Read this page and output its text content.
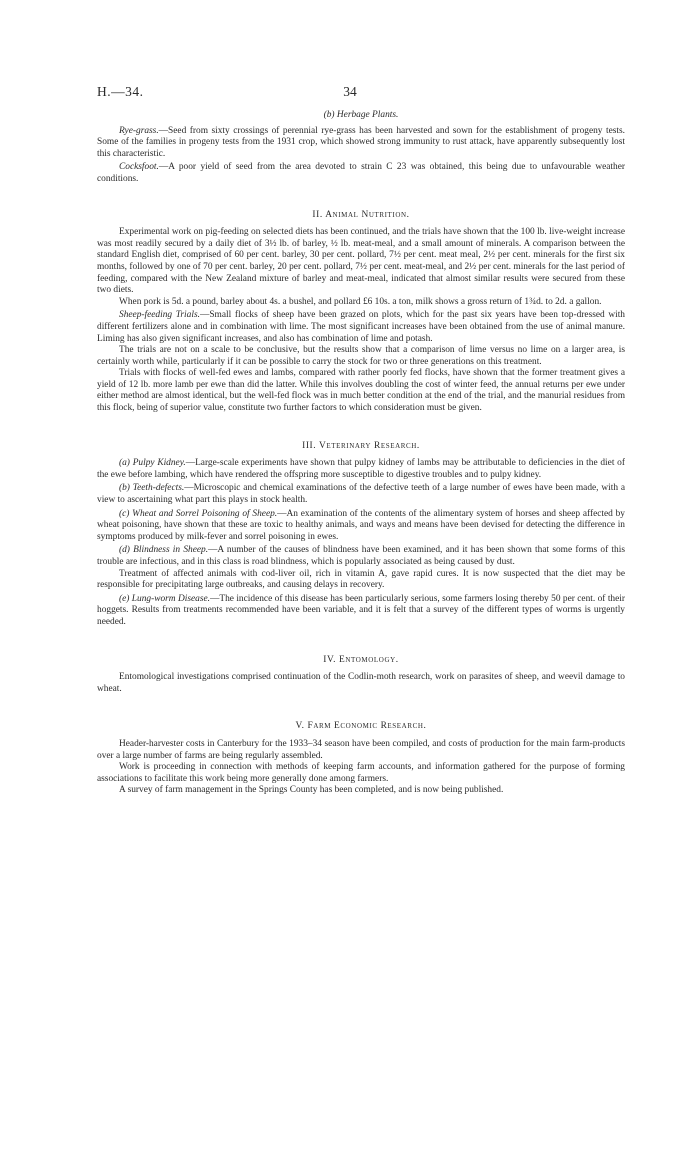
H.—34.	34
(b) Herbage Plants.

Rye-grass.—Seed from sixty crossings of perennial rye-grass has been harvested and sown for the establishment of progeny tests. Some of the families in progeny tests from the 1931 crop, which showed strong immunity to rust attack, have apparently subsequently lost this characteristic.

Cocksfoot.—A poor yield of seed from the area devoted to strain C 23 was obtained, this being due to unfavourable weather conditions.

II. Animal Nutrition.

Experimental work on pig-feeding on selected diets has been continued, and the trials have shown that the 100 lb. live-weight increase was most readily secured by a daily diet of 3½ lb. of barley, ½ lb. meat-meal, and a small amount of minerals. A comparison between the standard English diet, comprised of 60 per cent. barley, 30 per cent. pollard, 7½ per cent. meat meal, 2½ per cent. minerals for the first six months, followed by one of 70 per cent. barley, 20 per cent. pollard, 7½ per cent. meat-meal, and 2½ per cent. minerals for the last period of feeding, compared with the New Zealand mixture of barley and meat-meal, indicated that almost similar results were secured from these two diets.

When pork is 5d. a pound, barley about 4s. a bushel, and pollard £6 10s. a ton, milk shows a gross return of 1¾d. to 2d. a gallon.

Sheep-feeding Trials.—Small flocks of sheep have been grazed on plots, which for the past six years have been top-dressed with different fertilizers alone and in combination with lime. The most significant increases have been obtained from the use of animal manure. Liming has also given significant increases, and also has combination of lime and potash.

The trials are not on a scale to be conclusive, but the results show that a comparison of lime versus no lime on a larger area, is certainly worth while, particularly if it can be possible to carry the stock for two or three generations on this treatment.

Trials with flocks of well-fed ewes and lambs, compared with rather poorly fed flocks, have shown that the former treatment gives a yield of 12 lb. more lamb per ewe than did the latter. While this involves doubling the cost of winter feed, the annual returns per ewe under either method are almost identical, but the well-fed flock was in much better condition at the end of the trial, and the manurial residues from this flock, being of superior value, constitute two further factors to which consideration must be given.

III. Veterinary Research.

(a) Pulpy Kidney.—Large-scale experiments have shown that pulpy kidney of lambs may be attributable to deficiencies in the diet of the ewe before lambing, which have rendered the offspring more susceptible to digestive troubles and to pulpy kidney.

(b) Teeth-defects.—Microscopic and chemical examinations of the defective teeth of a large number of ewes have been made, with a view to ascertaining what part this plays in stock health.

(c) Wheat and Sorrel Poisoning of Sheep.—An examination of the contents of the alimentary system of horses and sheep affected by wheat poisoning, have shown that these are toxic to healthy animals, and ways and means have been devised for detecting the difference in symptoms produced by milk-fever and sorrel poisoning in ewes.

(d) Blindness in Sheep.—A number of the causes of blindness have been examined, and it has been shown that some forms of this trouble are infectious, and in this class is road blindness, which is popularly associated as being caused by dust.

Treatment of affected animals with cod-liver oil, rich in vitamin A, gave rapid cures. It is now suspected that the diet may be responsible for precipitating large outbreaks, and causing delays in recovery.

(e) Lung-worm Disease.—The incidence of this disease has been particularly serious, some farmers losing thereby 50 per cent. of their hoggets. Results from treatments recommended have been variable, and it is felt that a survey of the different types of worms is urgently needed.

IV. Entomology.

Entomological investigations comprised continuation of the Codlin-moth research, work on parasites of sheep, and weevil damage to wheat.

V. Farm Economic Research.

Header-harvester costs in Canterbury for the 1933–34 season have been compiled, and costs of production for the main farm-products over a large number of farms are being regularly assembled.

Work is proceeding in connection with methods of keeping farm accounts, and information gathered for the purpose of forming associations to facilitate this work being more generally done among farmers.

A survey of farm management in the Springs County has been completed, and is now being published.
